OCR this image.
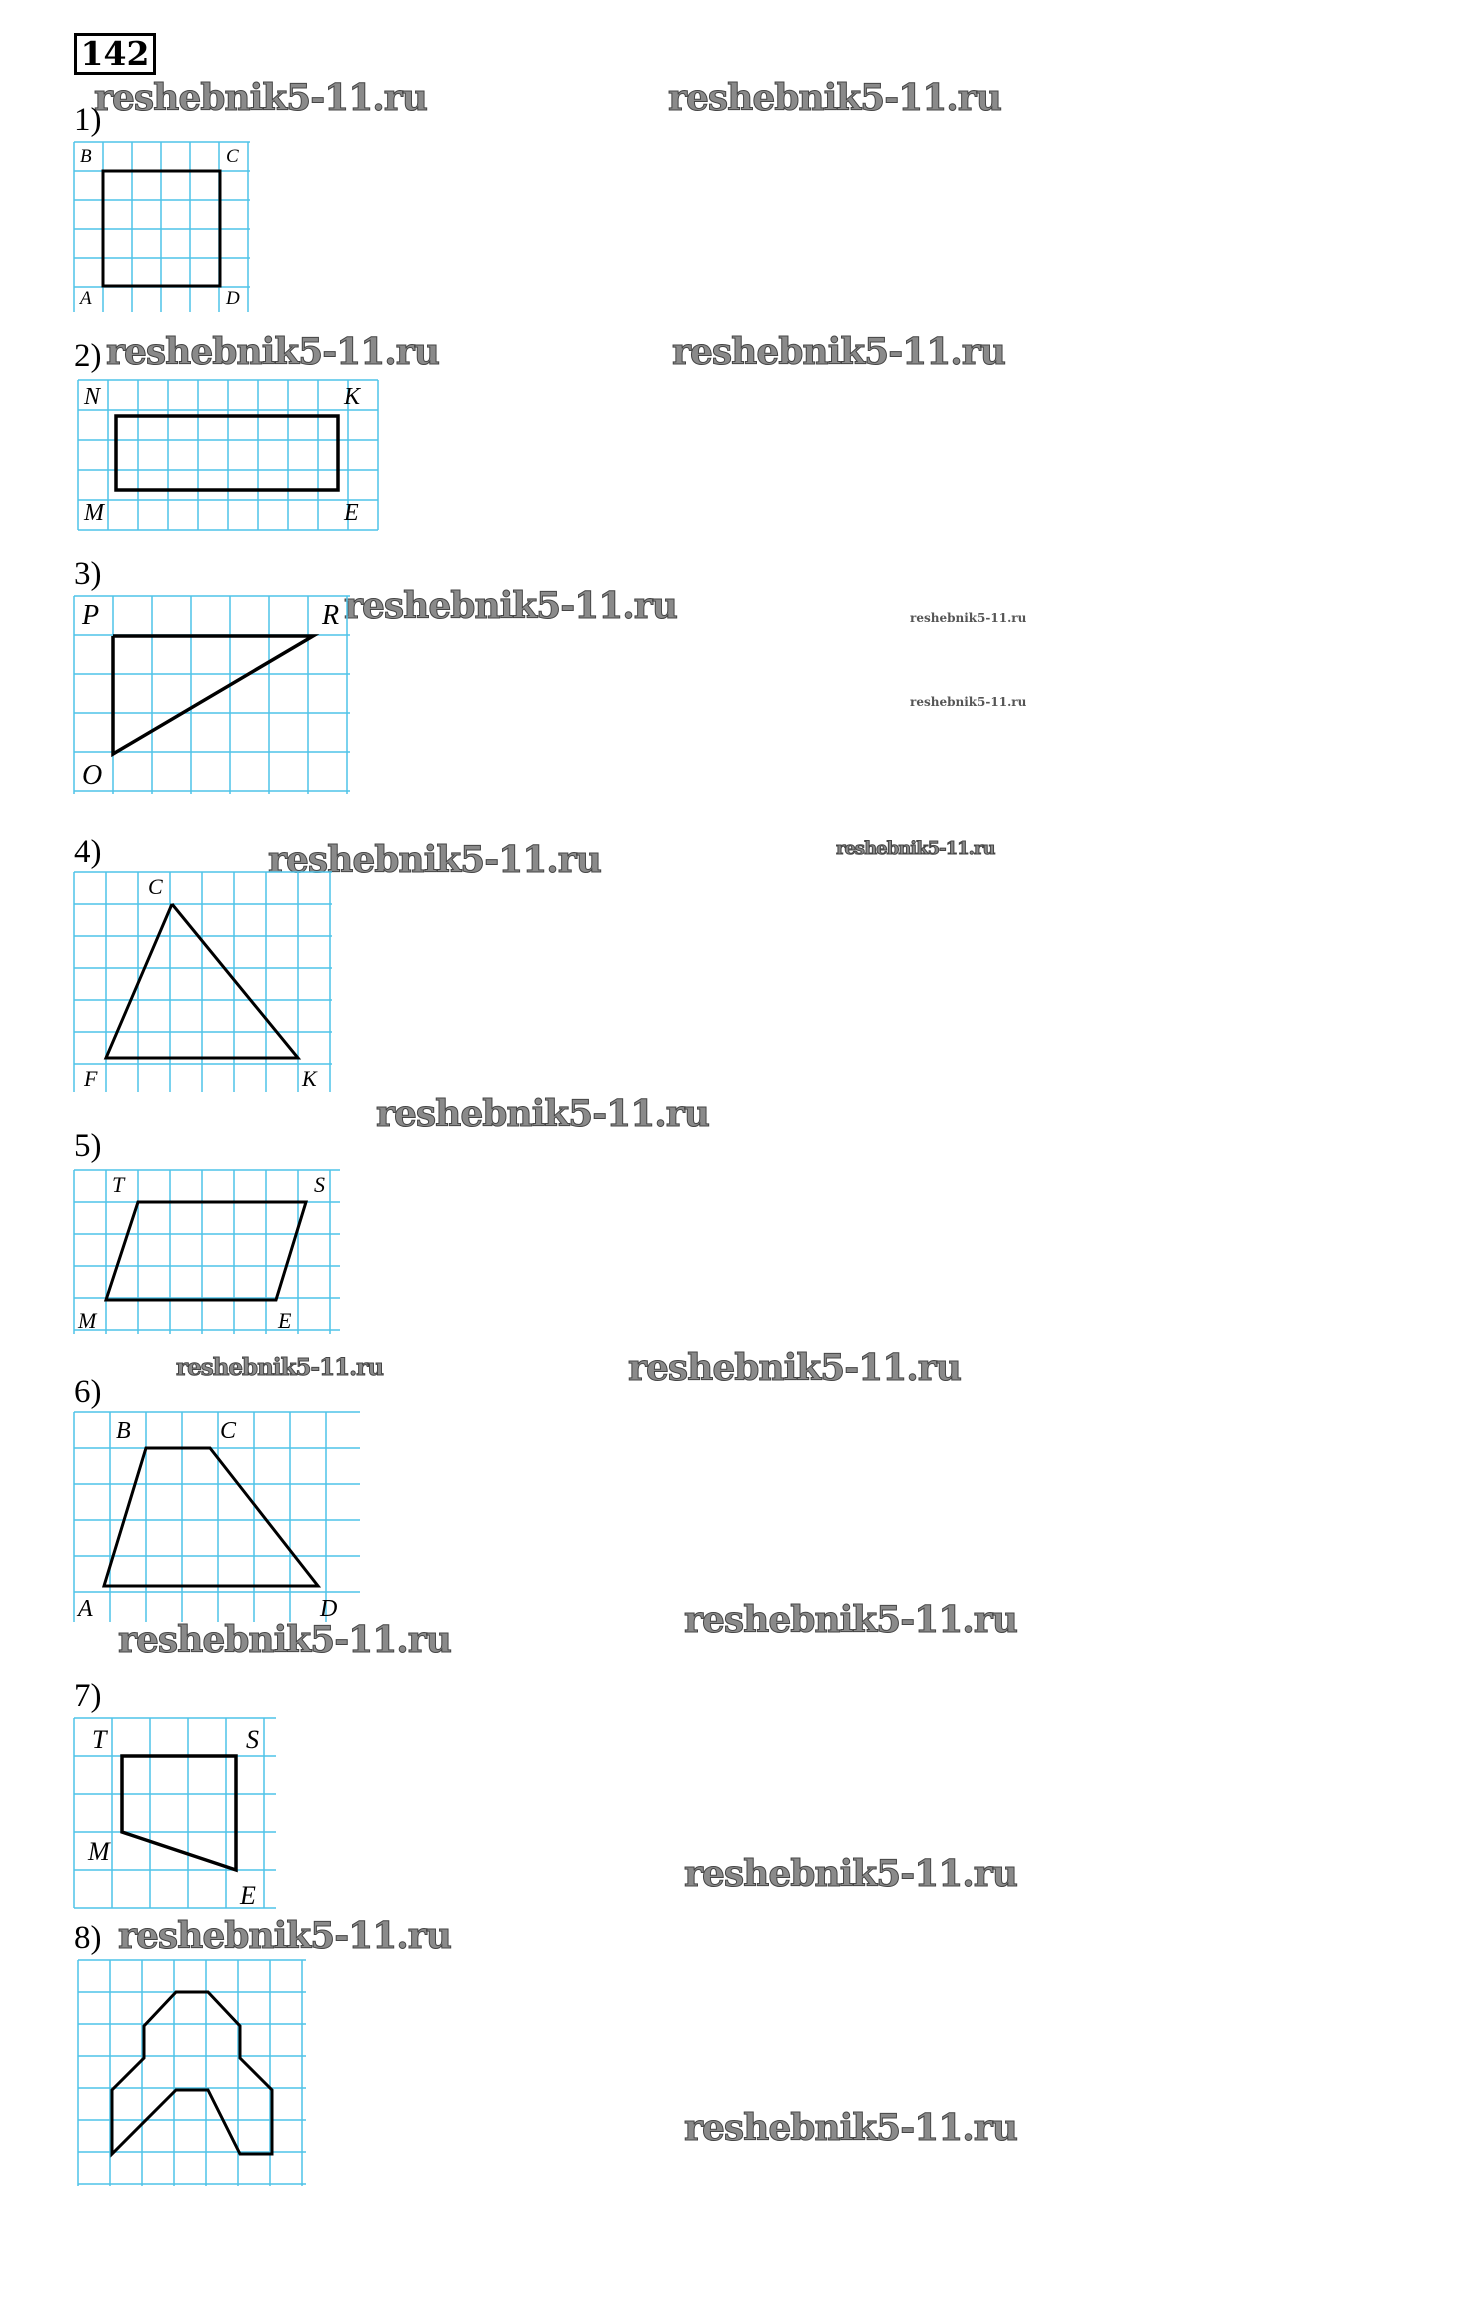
142
reshebnik5-11.ru	reshebnik5-11.ru
reshebnik5-11.ru	reshebnik5-11.ru
reshebnik5-11.ru	reshebnik5-11.ru
reshebnik5-11.ru
reshebnik5-11.ru	reshebnik5-11.ru
reshebnik5-11.ru
reshebnik5-11.ru	reshebnik5-11.ru
reshebnik5-11.ru	reshebnik5-11.ru
reshebnik5-11.ru
reshebnik5-11.ru
reshebnik5-11.ru
1)
2)
3)
4)
5)
6)
7)
8)
B	C
A	D
N	K
M	E
P	R
O
C
F	K
T	S
M	E
B	C
A	D
T	S
M
E
